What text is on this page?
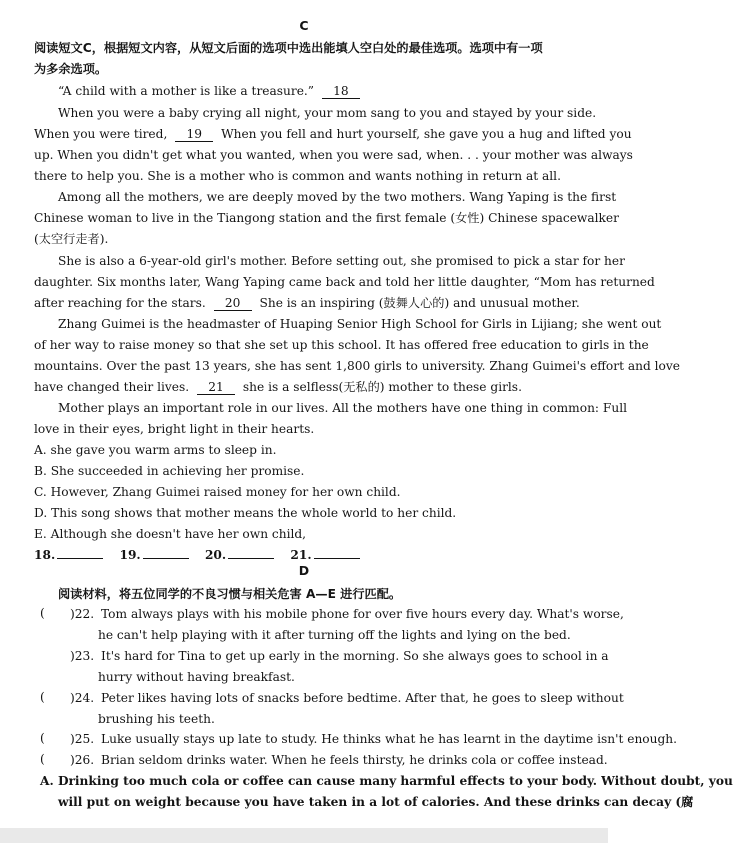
C
阅读短文C，根据短文内容，从短文后面的选项中选出能填人空白处的最佳选项。选项中有一项
为多余选项。
“A child with a mother is like a treasure.” 18
When you were a baby crying all night, your mom sang to you and stayed by your side.
When you were tired, 19 When you fell and hurt yourself, she gave you a hug and lifted you
up. When you didn't get what you wanted, when you were sad, when. . . your mother was always
there to help you. She is a mother who is common and wants nothing in return at all.
Among all the mothers, we are deeply moved by the two mothers. Wang Yaping is the first
Chinese woman to live in the Tiangong station and the first female (女性) Chinese spacewalker
(太空行走者).
She is also a 6-year-old girl's mother. Before setting out, she promised to pick a star for her
daughter. Six months later, Wang Yaping came back and told her little daughter, “Mom has returned
after reaching for the stars. 20 She is an inspiring (鼓舞人心的) and unusual mother.
Zhang Guimei is the headmaster of Huaping Senior High School for Girls in Lijiang; she went out
of her way to raise money so that she set up this school. It has offered free education to girls in the
mountains. Over the past 13 years, she has sent 1,800 girls to university. Zhang Guimei's effort and love
have changed their lives. 21 she is a selfless(无私的) mother to these girls.
Mother plays an important role in our lives. All the mothers have one thing in common: Full
love in their eyes, bright light in their hearts.
A. she gave you warm arms to sleep in.
B. She succeeded in achieving her promise.
C. However, Zhang Guimei raised money for her own child.
D. This song shows that mother means the whole world to her child.
E. Although she doesn't have her own child,
18.	19.	20.	21.
D
阅读材料，将五位同学的不良习惯与相关危害 A—E 进行匹配。
( )22. Tom always plays with his mobile phone for over five hours every day. What's worse,
he can't help playing with it after turning off the lights and lying on the bed.
)23. It's hard for Tina to get up early in the morning. So she always goes to school in a
hurry without having breakfast.
( )24. Peter likes having lots of snacks before bedtime. After that, he goes to sleep without
brushing his teeth.
( )25. Luke usually stays up late to study. He thinks what he has learnt in the daytime isn't enough.
( )26. Brian seldom drinks water. When he feels thirsty, he drinks cola or coffee instead.
A. Drinking too much cola or coffee can cause many harmful effects to your body. Without doubt, you
will put on weight because you have taken in a lot of calories. And these drinks can decay (腐
